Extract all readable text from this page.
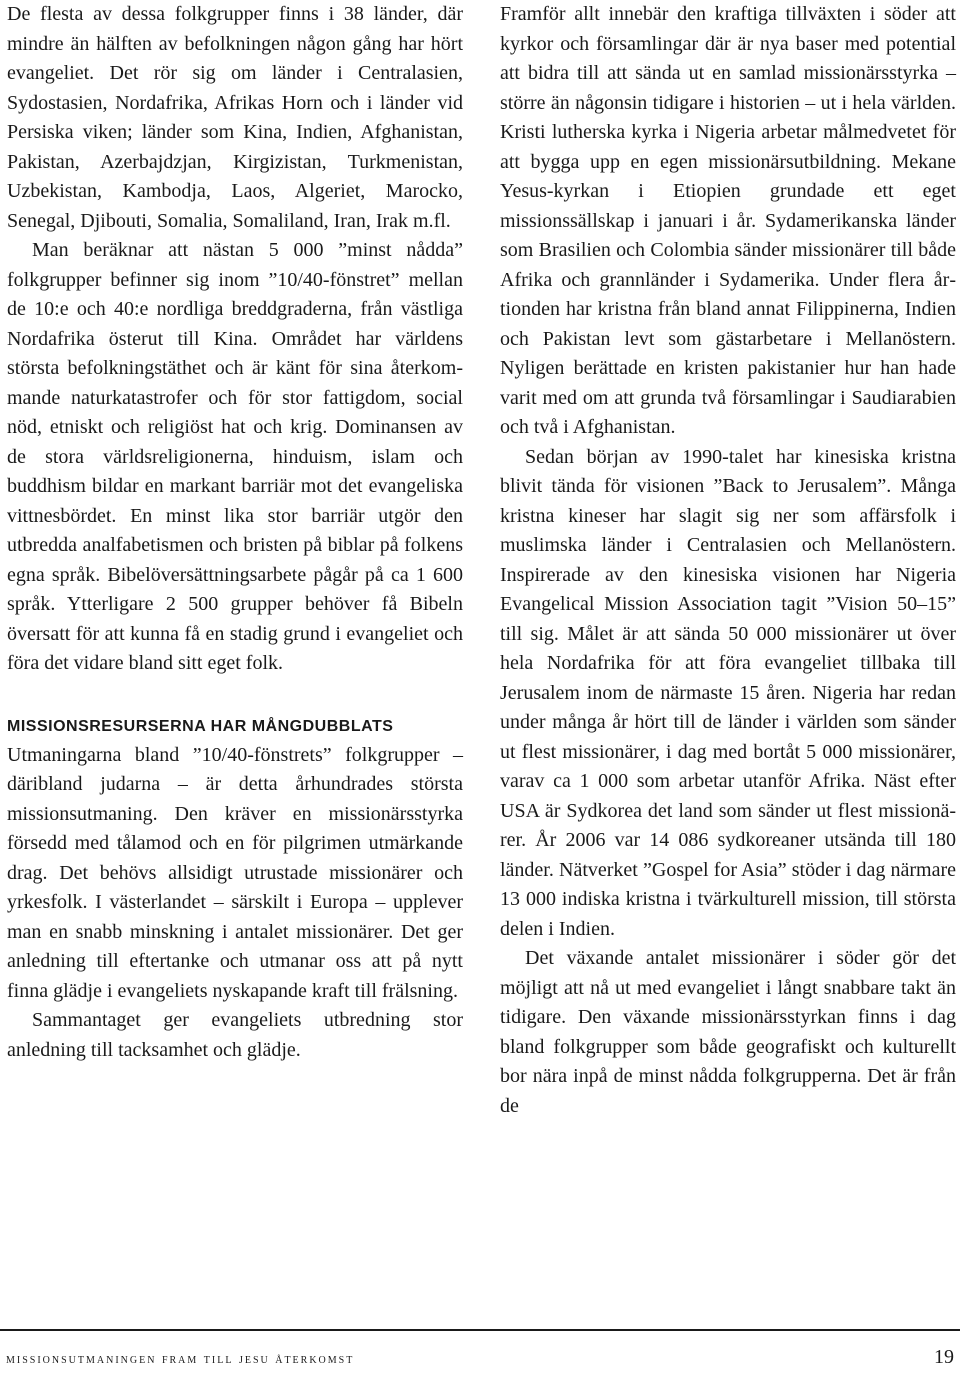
De flesta av dessa folkgrupper finns i 38 länder, där mindre än hälften av befolkningen någon gång har hört evangeliet. Det rör sig om länder i Centralasien, Sydostasien, Nordafrika, Afrikas Horn och i länder vid Persiska viken; länder som Kina, Indien, Afghanistan, Pakistan, Azerbajdzjan, Kirgizistan, Turkmenistan, Uzbekistan, Kambodja, Laos, Algeriet, Marocko, Senegal, Djibouti, Somalia, Somaliland, Iran, Irak m.fl.

Man beräknar att nästan 5 000 ”minst nådda” folkgrupper befinner sig inom ”10/40-fönstret” mellan de 10:e och 40:e nordliga breddgraderna, från västliga Nordafrika österut till Kina. Området har världens största befolkningstäthet och är känt för sina återkommande naturkatastrofer och för stor fattigdom, social nöd, etniskt och religiöst hat och krig. Dominansen av de stora världsreligionerna, hinduism, islam och buddhism bildar en markant barriär mot det evangeliska vittnesbördet. En minst lika stor barriär utgör den utbredda analfabetismen och bristen på biblar på folkens egna språk. Bibelöversättningsarbete pågår på ca 1 600 språk. Ytterligare 2 500 grupper behöver få Bibeln översatt för att kunna få en stadig grund i evangeliet och föra det vidare bland sitt eget folk.

MISSIONSRESURSERNA HAR MÅNGDUBBLATS

Utmaningarna bland ”10/40-fönstrets” folkgrupper – däribland judarna – är detta århundrades största missionsutmaning. Den kräver en missionärsstyrka försedd med tålamod och en för pilgrimen utmärkande drag. Det behövs allsidigt utrustade missionärer och yrkesfolk. I västerlandet – särskilt i Europa – upplever man en snabb minskning i antalet missionärer. Det ger anledning till eftertanke och utmanar oss att på nytt finna glädje i evangeliets nyskapande kraft till frälsning.

Sammantaget ger evangeliets utbredning stor anledning till tacksamhet och glädje.

Framför allt innebär den kraftiga tillväxten i söder att kyrkor och församlingar där är nya baser med potential att bidra till att sända ut en samlad missionärsstyrka – större än någonsin tidigare i historien – ut i hela världen. Kristi lutherska kyrka i Nigeria arbetar målmedvetet för att bygga upp en egen missionärsutbildning. Mekane Yesus-kyrkan i Etiopien grundade ett eget missionssällskap i januari i år. Sydamerikanska länder som Brasilien och Colombia sänder missionärer till både Afrika och grannländer i Sydamerika. Under flera årtionden har kristna från bland annat Filippinerna, Indien och Pakistan levt som gästarbetare i Mellanöstern. Nyligen berättade en kristen pakistanier hur han hade varit med om att grunda två församlingar i Saudiarabien och två i Afghanistan.

Sedan början av 1990-talet har kinesiska kristna blivit tända för visionen ”Back to Jerusalem”. Många kristna kineser har slagit sig ner som affärsfolk i muslimska länder i Centralasien och Mellanöstern. Inspirerade av den kinesiska visionen har Nigeria Evangelical Mission Association tagit ”Vision 50–15” till sig. Målet är att sända 50 000 missionärer ut över hela Nordafrika för att föra evangeliet tillbaka till Jerusalem inom de närmaste 15 åren. Nigeria har redan under många år hört till de länder i världen som sänder ut flest missionärer, i dag med bortåt 5 000 missionärer, varav ca 1 000 som arbetar utanför Afrika. Näst efter USA är Sydkorea det land som sänder ut flest missionärer. År 2006 var 14 086 sydkoreaner utsända till 180 länder. Nätverket ”Gospel for Asia” stöder i dag närmare 13 000 indiska kristna i tvärkulturell mission, till största delen i Indien.

Det växande antalet missionärer i söder gör det möjligt att nå ut med evangeliet i långt snabbare takt än tidigare. Den växande missionärsstyrkan finns i dag bland folkgrupper som både geografiskt och kulturellt bor nära inpå de minst nådda folkgrupperna. Det är från de

missionsutmaningen fram till jesu återkomst	19
